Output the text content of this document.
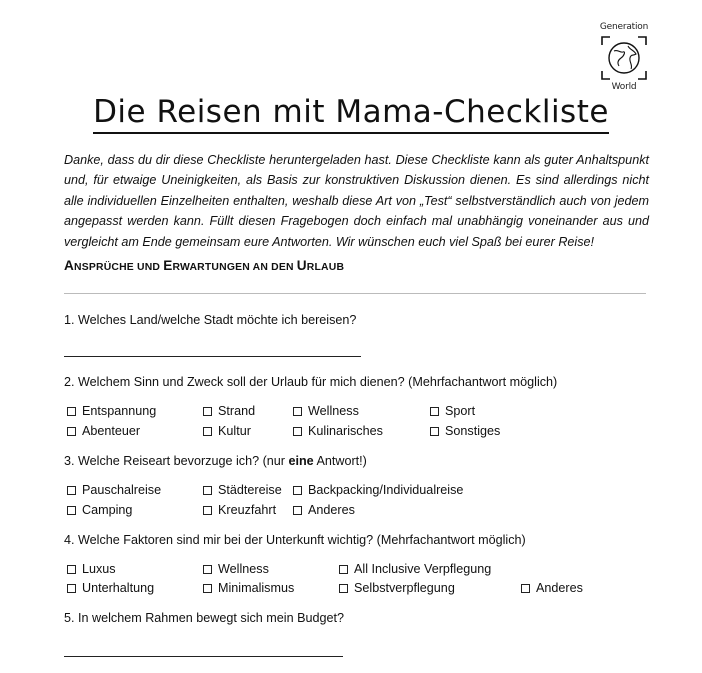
Generation
World
Die Reisen mit Mama-Checkliste
Danke, dass du dir diese Checkliste heruntergeladen hast. Diese Checkliste kann als guter Anhaltspunkt und, für etwaige Uneinigkeiten, als Basis zur konstruktiven Diskussion dienen. Es sind allerdings nicht alle individuellen Einzelheiten enthalten, weshalb diese Art von „Test“ selbstverständlich auch von jedem angepasst werden kann. Füllt diesen Fragebogen doch einfach mal unabhängig voneinander aus und vergleicht am Ende gemeinsam eure Antworten. Wir wünschen euch viel Spaß bei eurer Reise!
ANSPRÜCHE UND ERWARTUNGEN AN DEN URLAUB
1. Welches Land/welche Stadt möchte ich bereisen?
2. Welchem Sinn und Zweck soll der Urlaub für mich dienen? (Mehrfachantwort möglich)
Entspannung	Strand	Wellness	Sport
Abenteuer	Kultur	Kulinarisches	Sonstiges
3. Welche Reiseart bevorzuge ich? (nur eine Antwort!)
Pauschalreise	Städtereise	Backpacking/Individualreise
Camping	Kreuzfahrt	Anderes
4. Welche Faktoren sind mir bei der Unterkunft wichtig? (Mehrfachantwort möglich)
Luxus	Wellness	All Inclusive Verpflegung
Unterhaltung	Minimalismus	Selbstverpflegung	Anderes
5. In welchem Rahmen bewegt sich mein Budget?
